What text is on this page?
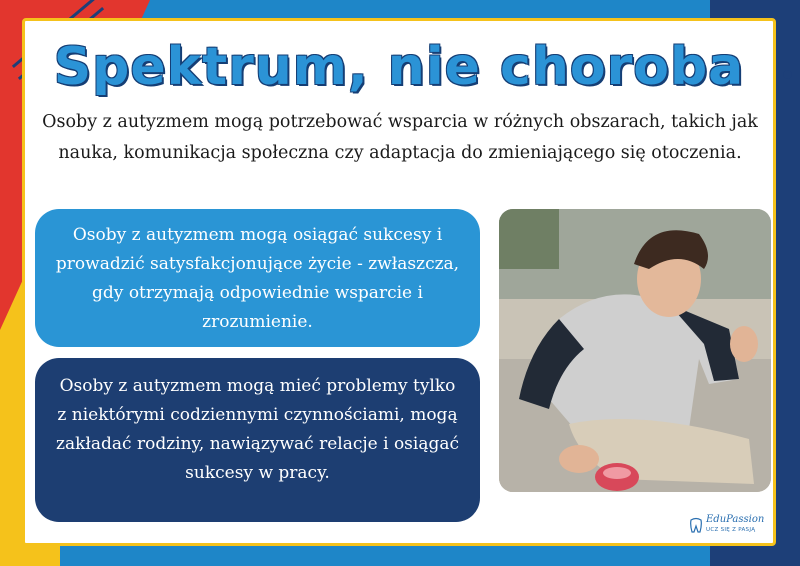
Spektrum, nie choroba
Osoby z autyzmem mogą potrzebować wsparcia w różnych obszarach, takich jak nauka, komunikacja społeczna czy adaptacja do zmieniającego się otoczenia.
Osoby z autyzmem mogą osiągać sukcesy i prowadzić satysfakcjonujące życie - zwłaszcza, gdy otrzymają odpowiednie wsparcie i zrozumienie.
Osoby z autyzmem mogą mieć problemy tylko z niektórymi codziennymi czynnościami, mogą zakładać rodziny, nawiązywać relacje i osiągać sukcesy w pracy.
EduPassion
UCZ SIĘ Z PASJĄ
